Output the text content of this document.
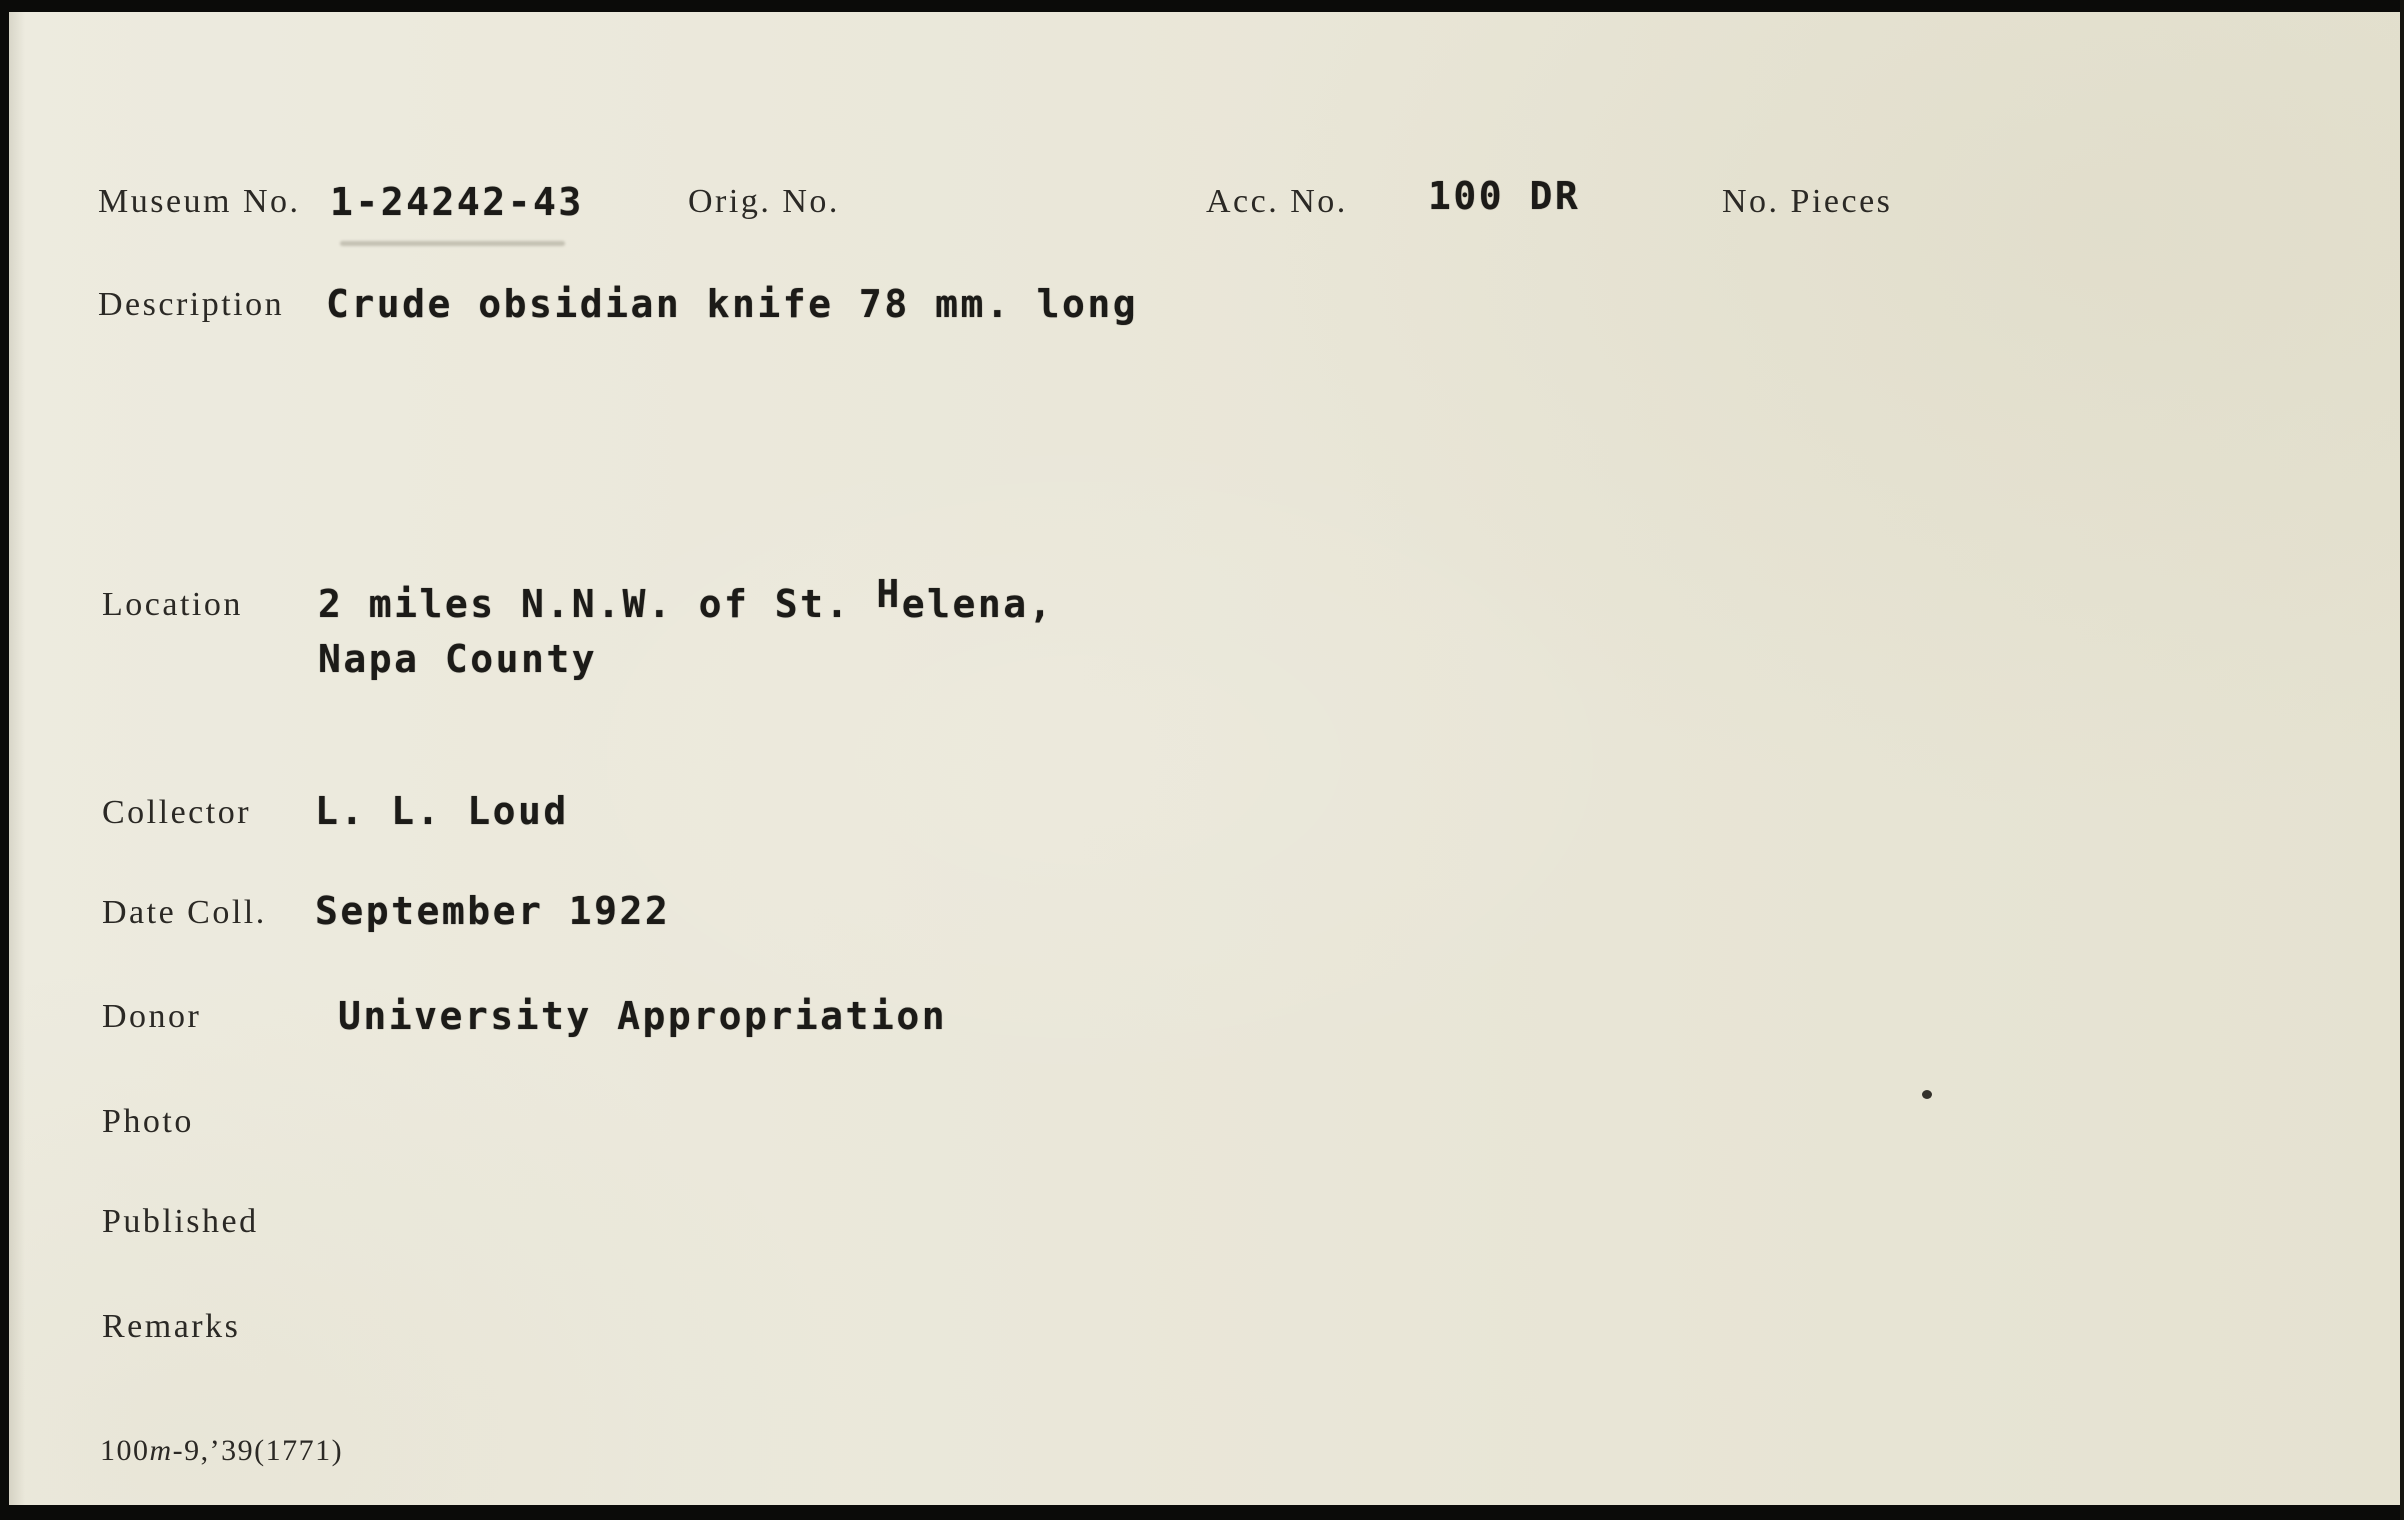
Museum No. 1-24242-43	Orig. No.	Acc. No. 100 DR	No. Pieces
Description Crude obsidian knife 78 mm. long
Location 2 miles N.N.W. of St. Helena,
Napa County
Collector L. L. Loud
Date Coll. September 1922
Donor	University Appropriation
Photo
Published
Remarks
100m-9,’39(1771)
